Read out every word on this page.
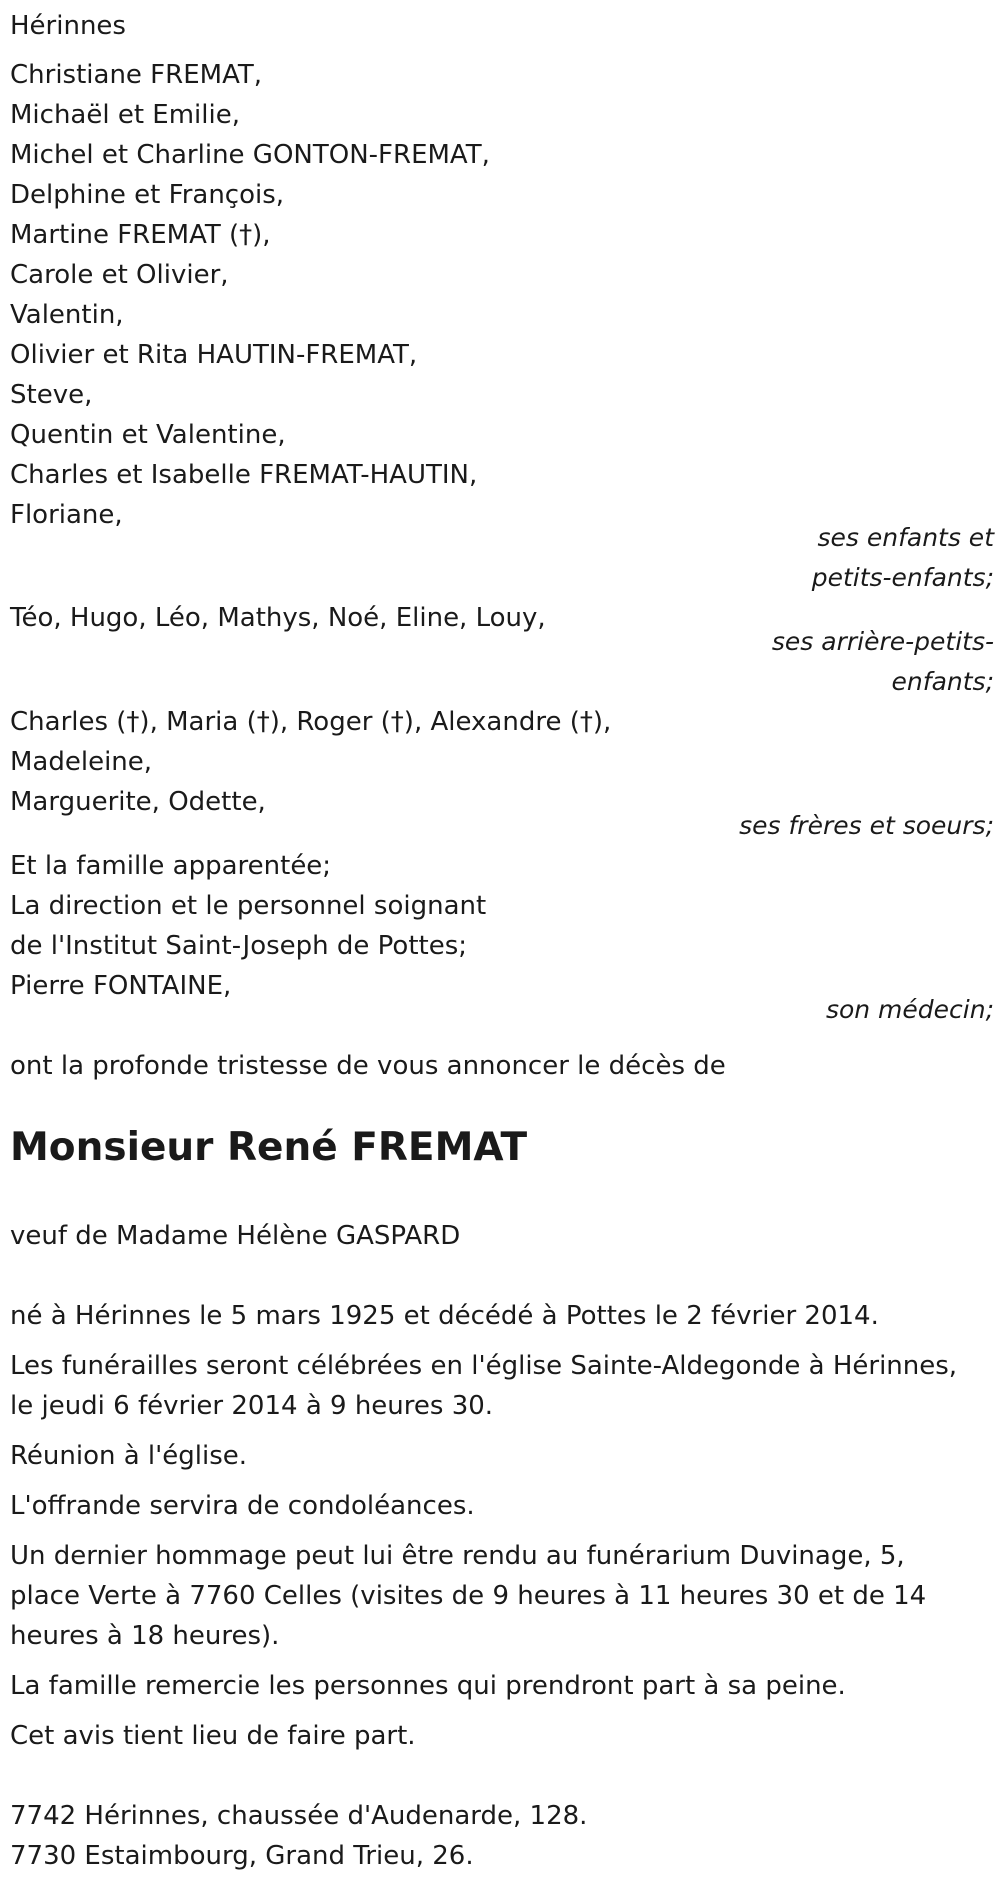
Hérinnes
Christiane FREMAT,
Michaël et Emilie,
Michel et Charline GONTON-FREMAT,
Delphine et François,
Martine FREMAT (†),
Carole et Olivier,
Valentin,
Olivier et Rita HAUTIN-FREMAT,
Steve,
Quentin et Valentine,
Charles et Isabelle FREMAT-HAUTIN,
Floriane,
ses enfants et
petits-enfants;
Téo, Hugo, Léo, Mathys, Noé, Eline, Louy,
ses arrière-petits-
enfants;
Charles (†), Maria (†), Roger (†), Alexandre (†),
Madeleine,
Marguerite, Odette,
ses frères et soeurs;
Et la famille apparentée;
La direction et le personnel soignant
de l'Institut Saint-Joseph de Pottes;
Pierre FONTAINE,
son médecin;
ont la profonde tristesse de vous annoncer le décès de
Monsieur René FREMAT
veuf de Madame Hélène GASPARD
né à Hérinnes le 5 mars 1925 et décédé à Pottes le 2 février 2014.
Les funérailles seront célébrées en l'église Sainte-Aldegonde à Hérinnes,
le jeudi 6 février 2014 à 9 heures 30.
Réunion à l'église.
L'offrande servira de condoléances.
Un dernier hommage peut lui être rendu au funérarium Duvinage, 5,
place Verte à 7760 Celles (visites de 9 heures à 11 heures 30 et de 14
heures à 18 heures).
La famille remercie les personnes qui prendront part à sa peine.
Cet avis tient lieu de faire part.
7742 Hérinnes, chaussée d'Audenarde, 128.
7730 Estaimbourg, Grand Trieu, 26.
